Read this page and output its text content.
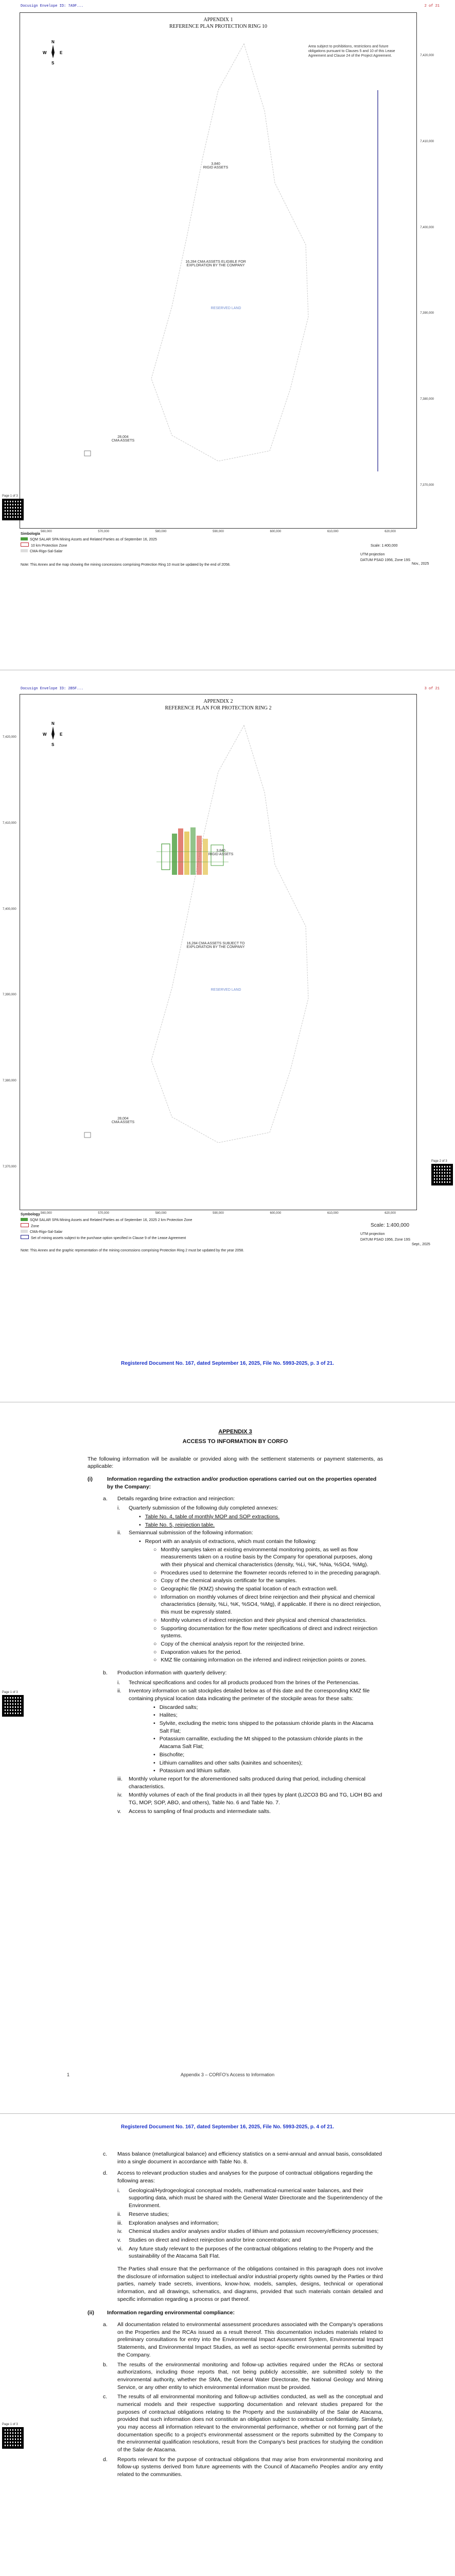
Docusign Envelope ID: 7A9F...	2 of 21
APPENDIX 1
REFERENCE PLAN PROTECTION RING 10
N
W	E
S
Area subject to prohibitions, restrictions and future obligations pursuant to Clauses 5 and 10 of this Lease Agreement and Clause 24 of the Project Agreement.
3,840
RIGID ASSETS
16,284 CMA ASSETS ELIGIBLE FOR
EXPLORATION BY THE COMPANY
RESERVED LAND
28,004
CMA ASSETS
560,000	570,000	580,000	590,000	600,000	610,000	620,000
7,420,000
7,410,000
7,400,000
7,390,000
7,380,000
7,370,000
Page 1 of 3
Simbología
SQM SALAR SPA Mining Assets and Related Parties as of September 16, 2025
10 km Protection Zone
CMA-Rigo-Sal-Salar
Note: This Annex and the map showing the mining concessions comprising Protection Ring 10 must be updated by the end of 2058.
Scale: 1:400,000
UTM projection
DATUM PSAD 1956, Zone 19S
Nov., 2025
Docusign Envelope ID: 2B5F...	3 of 21
APPENDIX 2
REFERENCE PLAN FOR PROTECTION RING 2
N
W	E
S
3,840
RIGID ASSETS
16,284 CMA ASSETS SUBJECT TO
EXPLORATION BY THE COMPANY
RESERVED LAND
28,004
CMA ASSETS
560,000	570,000	580,000	590,000	600,000	610,000	620,000
7,420,000
7,410,000
7,400,000
7,390,000
7,380,000
7,370,000
Page 2 of 3
Symbology
SQM SALAR SPA Mining Assets and Related Parties as of September 16, 2025 2 km Protection Zone
Zone
CMA-Rigo-Sal-Salar
Set of mining assets subject to the purchase option specified in Clause 9 of the Lease Agreement
Note: This Annex and the graphic representation of the mining concessions comprising Protection Ring 2 must be updated by the year 2058.
Scale: 1:400,000
UTM projection
DATUM PSAD 1956, Zone 19S
Sept., 2025
Registered Document No. 167, dated September 16, 2025, File No. 5993-2025, p. 3 of 21.
APPENDIX 3
ACCESS TO INFORMATION BY CORFO

The following information will be available or provided along with the settlement statements or payment statements, as applicable:

(i)	Information regarding the extraction and/or production operations carried out on the properties operated by the Company:
a.	Details regarding brine extraction and reinjection:
i.	Quarterly submission of the following duly completed annexes:
• Table No. 4, table of monthly MOP and SOP extractions.
• Table No. 5, reinjection table.
ii.	Semiannual submission of the following information:
• Report with an analysis of extractions, which must contain the following:
○ Monthly samples taken at existing environmental monitoring points, as well as flow measurements taken on a routine basis by the Company for operational purposes, along with their physical and chemical characteristics (density, %Li, %K, %Na, %SO4, %Mg).
○ Procedures used to determine the flowmeter records referred to in the preceding paragraph.
○ Copy of the chemical analysis certificate for the samples.
○ Geographic file (KMZ) showing the spatial location of each extraction well.
○ Information on monthly volumes of direct brine reinjection and their physical and chemical characteristics (density, %Li, %K, %SO4, %Mg), if applicable. If there is no direct reinjection, this must be expressly stated.
○ Monthly volumes of indirect reinjection and their physical and chemical characteristics.
○ Supporting documentation for the flow meter specifications of direct and indirect reinjection systems.
○ Copy of the chemical analysis report for the reinjected brine.
○ Evaporation values for the period.
○ KMZ file containing information on the inferred and indirect reinjection points or zones.
b.	Production information with quarterly delivery:
i.	Technical specifications and codes for all products produced from the brines of the Pertenencias.
ii.	Inventory information on salt stockpiles detailed below as of this date and the corresponding KMZ file containing physical location data indicating the perimeter of the stockpile areas for these salts:
• Discarded salts;
• Halites;
• Sylvite, excluding the metric tons shipped to the potassium chloride plants in the Atacama Salt Flat;
• Potassium carnallite, excluding the Mt shipped to the potassium chloride plants in the Atacama Salt Flat;
• Bischofite;
• Lithium carnallites and other salts (kainites and schoenites);
• Potassium and lithium sulfate.
iii.	Monthly volume report for the aforementioned salts produced during that period, including chemical characteristics.
iv.	Monthly volumes of each of the final products in all their types by plant (Li2CO3 BG and TG, LiOH BG and TG, MOP, SOP, ABO, and others), Table No. 6 and Table No. 7.
v.	Access to sampling of final products and intermediate salts.
Page 1 of 3
1	Appendix 3 – CORFO's Access to Information
Registered Document No. 167, dated September 16, 2025, File No. 5993-2025, p. 4 of 21.
c.	Mass balance (metallurgical balance) and efficiency statistics on a semi-annual and annual basis, consolidated into a single document in accordance with Table No. 8.
d.	Access to relevant production studies and analyses for the purpose of contractual obligations regarding the following areas:
i.	Geological/Hydrogeological conceptual models, mathematical-numerical water balances, and their supporting data, which must be shared with the General Water Directorate and the Superintendency of the Environment.
ii.	Reserve studies;
iii.	Exploration analyses and information;
iv.	Chemical studies and/or analyses and/or studies of lithium and potassium recovery/efficiency processes;
v.	Studies on direct and indirect reinjection and/or brine concentration; and
vi.	Any future study relevant to the purposes of the contractual obligations relating to the Property and the sustainability of the Atacama Salt Flat.

The Parties shall ensure that the performance of the obligations contained in this paragraph does not involve the disclosure of information subject to intellectual and/or industrial property rights owned by the Parties or third parties, namely trade secrets, inventions, know-how, models, samples, designs, technical or operational information, and all drawings, schematics, and diagrams, provided that such materials contain detailed and specific information regarding a process or part thereof.

(ii)	Information regarding environmental compliance:
a.	All documentation related to environmental assessment procedures associated with the Company's operations on the Properties and the RCAs issued as a result thereof. This documentation includes materials related to preliminary consultations for entry into the Environmental Impact Assessment System, Environmental Impact Statements, and Environmental Impact Studies, as well as sector-specific environmental permits submitted by the Company.
b.	The results of the environmental monitoring and follow-up activities required under the RCAs or sectoral authorizations, including those reports that, not being publicly accessible, are submitted solely to the environmental authority, whether the SMA, the General Water Directorate, the National Geology and Mining Service, or any other entity to which environmental information must be provided.
c.	The results of all environmental monitoring and follow-up activities conducted, as well as the conceptual and numerical models and their respective supporting documentation and relevant studies prepared for the purposes of contractual obligations relating to the Property and the sustainability of the Salar de Atacama, provided that such information does not constitute an obligation subject to contractual confidentiality. Similarly, you may access all information relevant to the environmental performance, whether or not forming part of the documentation specific to a project's environmental assessment or the reports submitted by the Company to the environmental qualification resolutions, result from the Company's best practices for studying the condition of the Salar de Atacama.
d.	Reports relevant for the purpose of contractual obligations that may arise from environmental monitoring and follow-up systems derived from future agreements with the Council of Atacameño Peoples and/or any entity related to the communities.
Page 1 of 3
